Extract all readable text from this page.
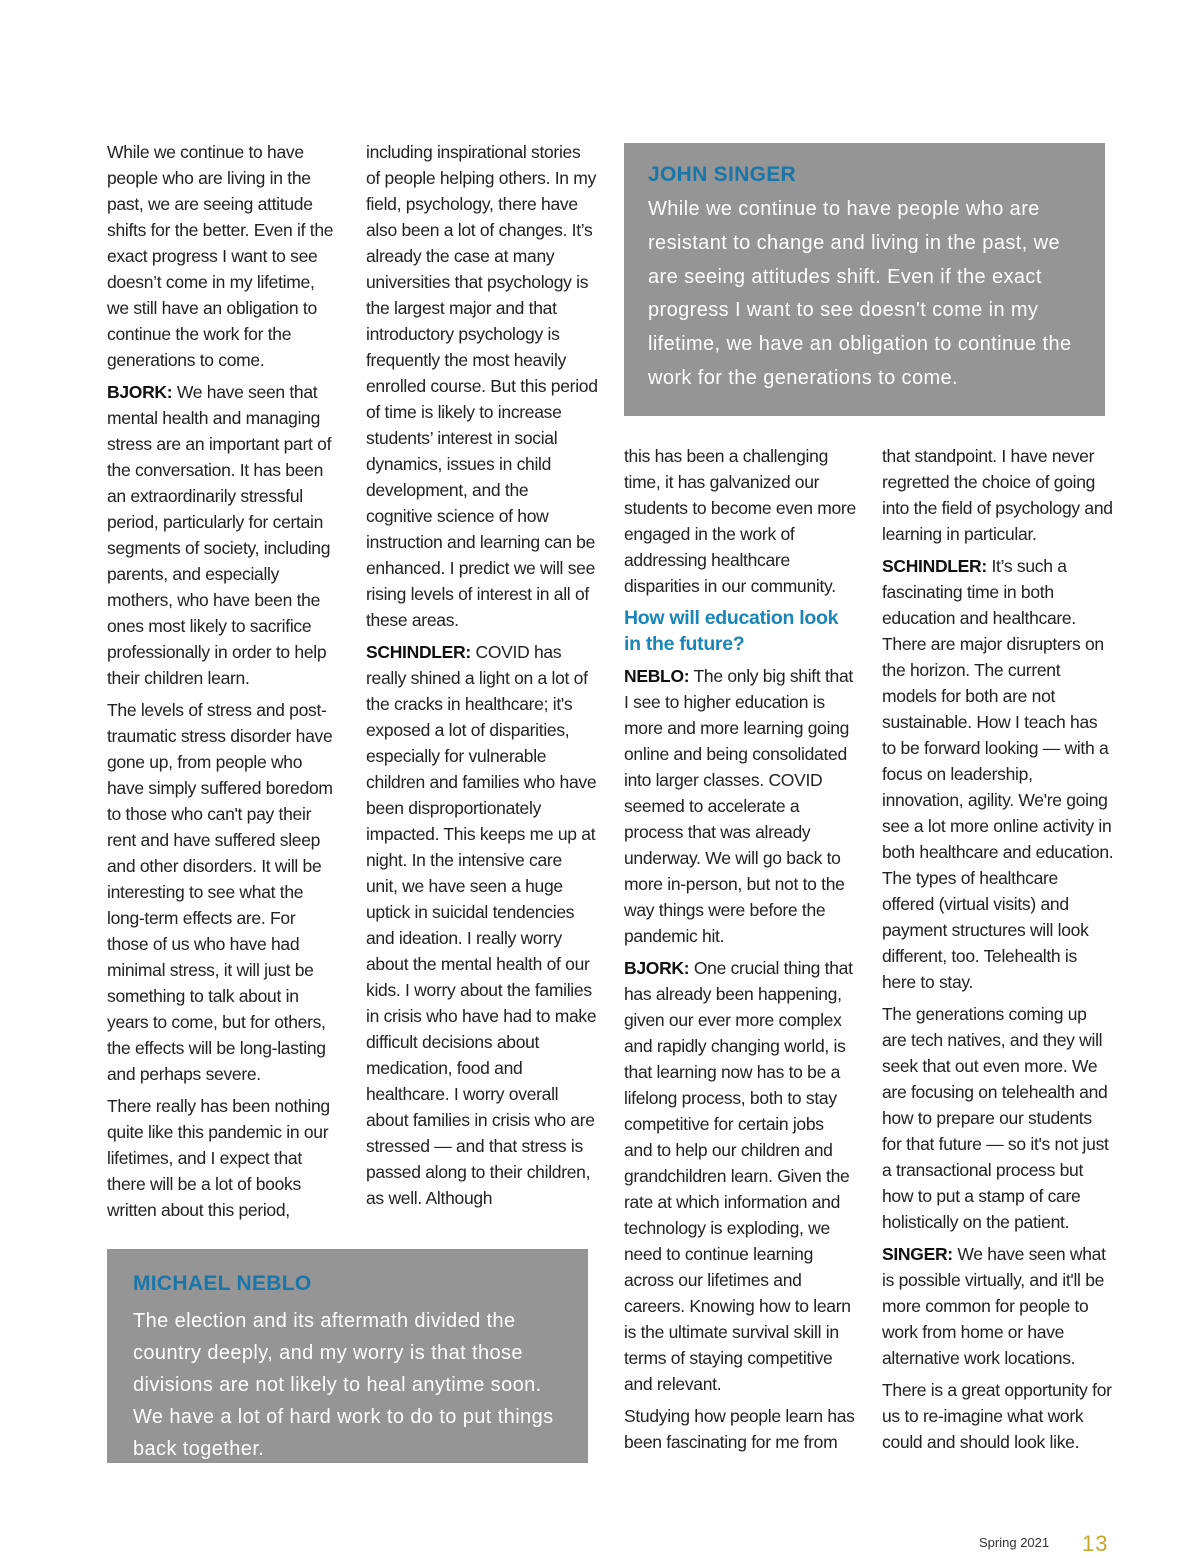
While we continue to have people who are living in the past, we are seeing attitude shifts for the better. Even if the exact progress I want to see doesn’t come in my lifetime, we still have an obligation to continue the work for the generations to come.

BJORK: We have seen that mental health and managing stress are an important part of the conversation. It has been an extraordinarily stressful period, particularly for certain segments of society, including parents, and especially mothers, who have been the ones most likely to sacrifice professionally in order to help their children learn.

The levels of stress and post-traumatic stress disorder have gone up, from people who have simply suffered boredom to those who can't pay their rent and have suffered sleep and other disorders. It will be interesting to see what the long-term effects are. For those of us who have had minimal stress, it will just be something to talk about in years to come, but for others, the effects will be long-lasting and perhaps severe.

There really has been nothing quite like this pandemic in our lifetimes, and I expect that there will be a lot of books written about this period,

including inspirational stories of people helping others. In my field, psychology, there have also been a lot of changes. It’s already the case at many universities that psychology is the largest major and that introductory psychology is frequently the most heavily enrolled course. But this period of time is likely to increase students’ interest in social dynamics, issues in child development, and the cognitive science of how instruction and learning can be enhanced. I predict we will see rising levels of interest in all of these areas.

SCHINDLER: COVID has really shined a light on a lot of the cracks in healthcare; it's exposed a lot of disparities, especially for vulnerable children and families who have been disproportionately impacted. This keeps me up at night. In the intensive care unit, we have seen a huge uptick in suicidal tendencies and ideation. I really worry about the mental health of our kids. I worry about the families in crisis who have had to make difficult decisions about medication, food and healthcare. I worry overall about families in crisis who are stressed — and that stress is passed along to their children, as well. Although

JOHN SINGER
While we continue to have people who are resistant to change and living in the past, we are seeing attitudes shift. Even if the exact progress I want to see doesn't come in my lifetime, we have an obligation to continue the work for the generations to come.

this has been a challenging time, it has galvanized our students to become even more engaged in the work of addressing healthcare disparities in our community.

How will education look in the future?

NEBLO: The only big shift that I see to higher education is more and more learning going online and being consolidated into larger classes. COVID seemed to accelerate a process that was already underway. We will go back to more in-person, but not to the way things were before the pandemic hit.

BJORK: One crucial thing that has already been happening, given our ever more complex and rapidly changing world, is that learning now has to be a lifelong process, both to stay competitive for certain jobs and to help our children and grandchildren learn. Given the rate at which information and technology is exploding, we need to continue learning across our lifetimes and careers. Knowing how to learn is the ultimate survival skill in terms of staying competitive and relevant.

Studying how people learn has been fascinating for me from

that standpoint. I have never regretted the choice of going into the field of psychology and learning in particular.

SCHINDLER: It’s such a fascinating time in both education and healthcare. There are major disrupters on the horizon. The current models for both are not sustainable. How I teach has to be forward looking — with a focus on leadership, innovation, agility. We're going see a lot more online activity in both healthcare and education. The types of healthcare offered (virtual visits) and payment structures will look different, too. Telehealth is here to stay.

The generations coming up are tech natives, and they will seek that out even more. We are focusing on telehealth and how to prepare our students for that future — so it's not just a transactional process but how to put a stamp of care holistically on the patient.

SINGER: We have seen what is possible virtually, and it'll be more common for people to work from home or have alternative work locations.

There is a great opportunity for us to re-imagine what work could and should look like.

MICHAEL NEBLO
The election and its aftermath divided the country deeply, and my worry is that those divisions are not likely to heal anytime soon. We have a lot of hard work to do to put things back together.
Spring 2021 13
